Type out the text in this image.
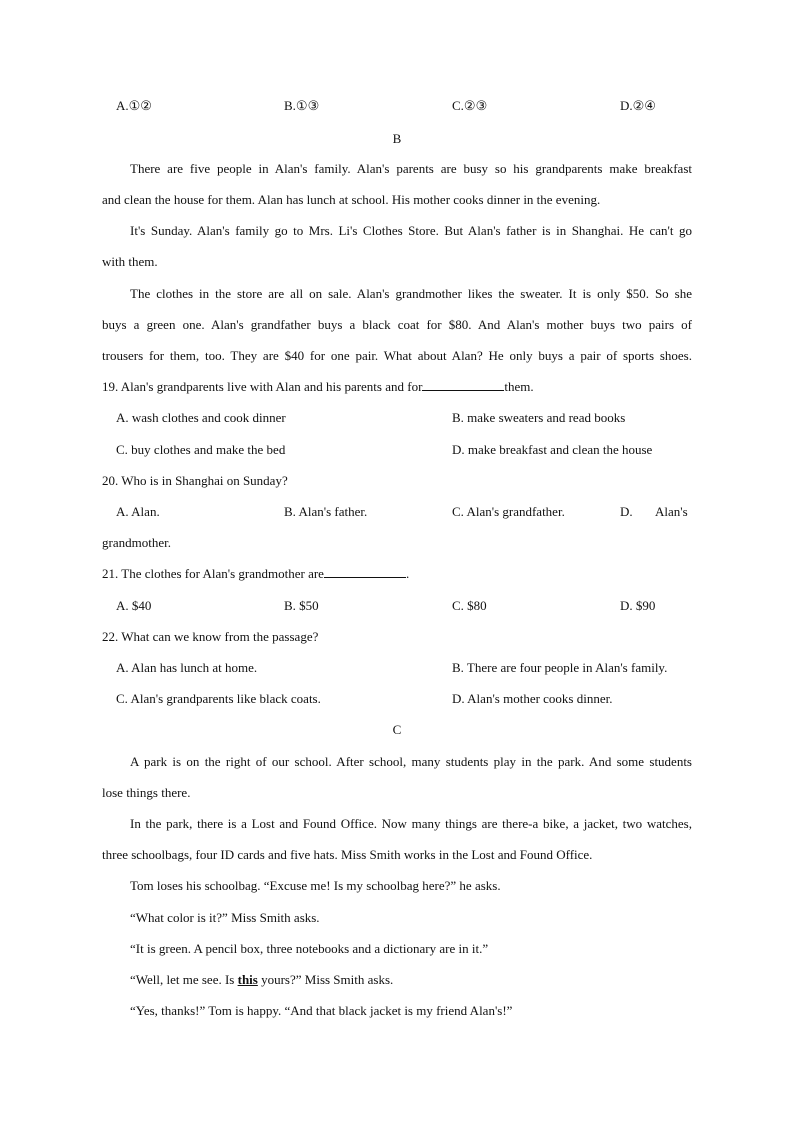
A.①②	B.①③	C.②③	D.②④
B
There are five people in Alan's family. Alan's parents are busy so his grandparents make breakfast
and clean the house for them. Alan has lunch at school. His mother cooks dinner in the evening.
It's Sunday. Alan's family go to Mrs. Li's Clothes Store. But Alan's father is in Shanghai. He can't go
with them.
The clothes in the store are all on sale. Alan's grandmother likes the sweater. It is only $50. So she
buys a green one. Alan's grandfather buys a black coat for $80. And Alan's mother buys two pairs of
trousers for them, too. They are $40 for one pair. What about Alan? He only buys a pair of sports shoes.
19. Alan's grandparents live with Alan and his parents and for	them.
A. wash clothes and cook dinner	B. make sweaters and read books
C. buy clothes and make the bed	D. make breakfast and clean the house
20. Who is in Shanghai on Sunday?
A. Alan.	B. Alan's father.	C. Alan's grandfather.	D. Alan's
grandmother.
21. The clothes for Alan's grandmother are	.
A. $40	B. $50	C. $80	D. $90
22. What can we know from the passage?
A. Alan has lunch at home.	B. There are four people in Alan's family.
C. Alan's grandparents like black coats.	D. Alan's mother cooks dinner.
C
A park is on the right of our school. After school, many students play in the park. And some students
lose things there.
In the park, there is a Lost and Found Office. Now many things are there-a bike, a jacket, two watches,
three schoolbags, four ID cards and five hats. Miss Smith works in the Lost and Found Office.
Tom loses his schoolbag. “Excuse me! Is my schoolbag here?” he asks.
“What color is it?” Miss Smith asks.
“It is green. A pencil box, three notebooks and a dictionary are in it.”
“Well, let me see. Is this yours?” Miss Smith asks.
“Yes, thanks!” Tom is happy. “And that black jacket is my friend Alan's!”
